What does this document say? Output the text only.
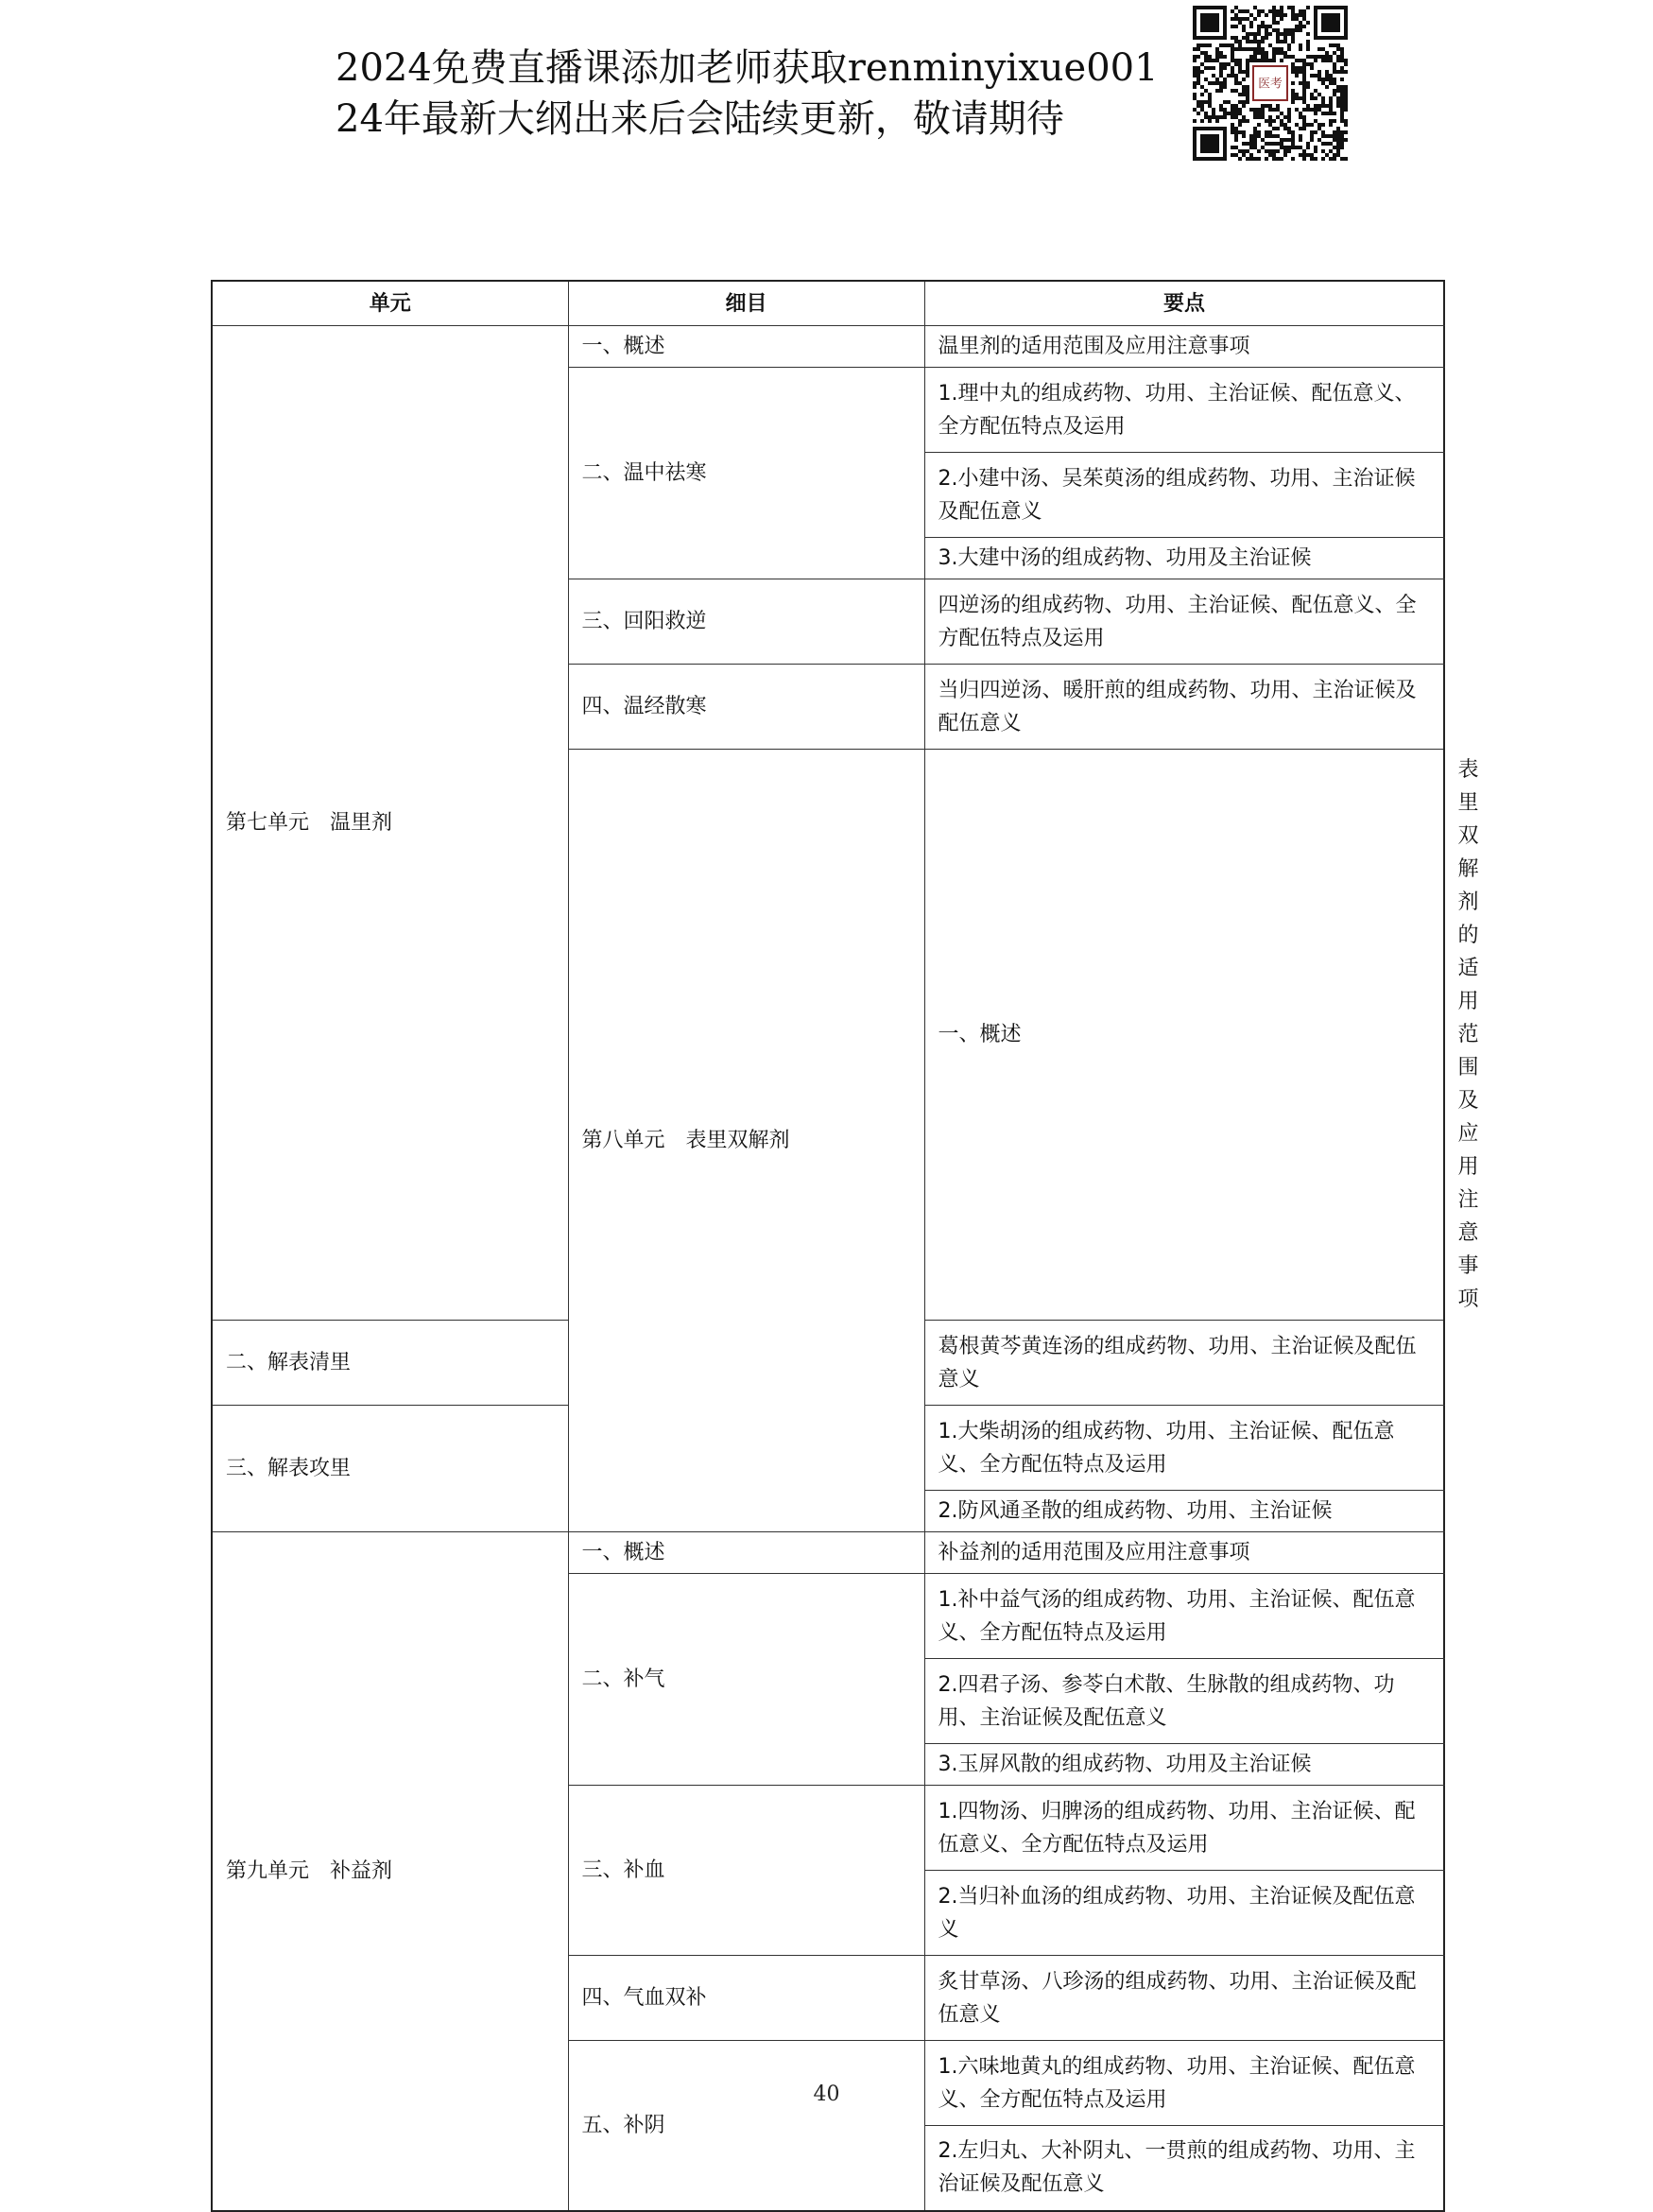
2024免费直播课添加老师获取renminyixue001
24年最新大纲出来后会陆续更新，敬请期待
医考
单元	细目	要点	
第七单元　温里剂	一、概述	温里剂的适用范围及应用注意事项	
	二、温中祛寒	1.理中丸的组成药物、功用、主治证候、配伍意义、全方配伍特点及运用	
		2.小建中汤、吴茱萸汤的组成药物、功用、主治证候及配伍意义	
		3.大建中汤的组成药物、功用及主治证候	
	三、回阳救逆	四逆汤的组成药物、功用、主治证候、配伍意义、全方配伍特点及运用	
	四、温经散寒	当归四逆汤、暖肝煎的组成药物、功用、主治证候及配伍意义	
	第八单元　表里双解剂	一、概述	表里双解剂的适用范围及应用注意事项
二、解表清里		葛根黄芩黄连汤的组成药物、功用、主治证候及配伍意义	
三、解表攻里		1.大柴胡汤的组成药物、功用、主治证候、配伍意义、全方配伍特点及运用	
		2.防风通圣散的组成药物、功用、主治证候	
第九单元　补益剂	一、概述	补益剂的适用范围及应用注意事项	
	二、补气	1.补中益气汤的组成药物、功用、主治证候、配伍意义、全方配伍特点及运用	
		2.四君子汤、参苓白术散、生脉散的组成药物、功用、主治证候及配伍意义	
		3.玉屏风散的组成药物、功用及主治证候	
	三、补血	1.四物汤、归脾汤的组成药物、功用、主治证候、配伍意义、全方配伍特点及运用	
		2.当归补血汤的组成药物、功用、主治证候及配伍意义	
	四、气血双补	炙甘草汤、八珍汤的组成药物、功用、主治证候及配伍意义	
	五、补阴	1.六味地黄丸的组成药物、功用、主治证候、配伍意义、全方配伍特点及运用	
		2.左归丸、大补阴丸、一贯煎的组成药物、功用、主治证候及配伍意义	
40
